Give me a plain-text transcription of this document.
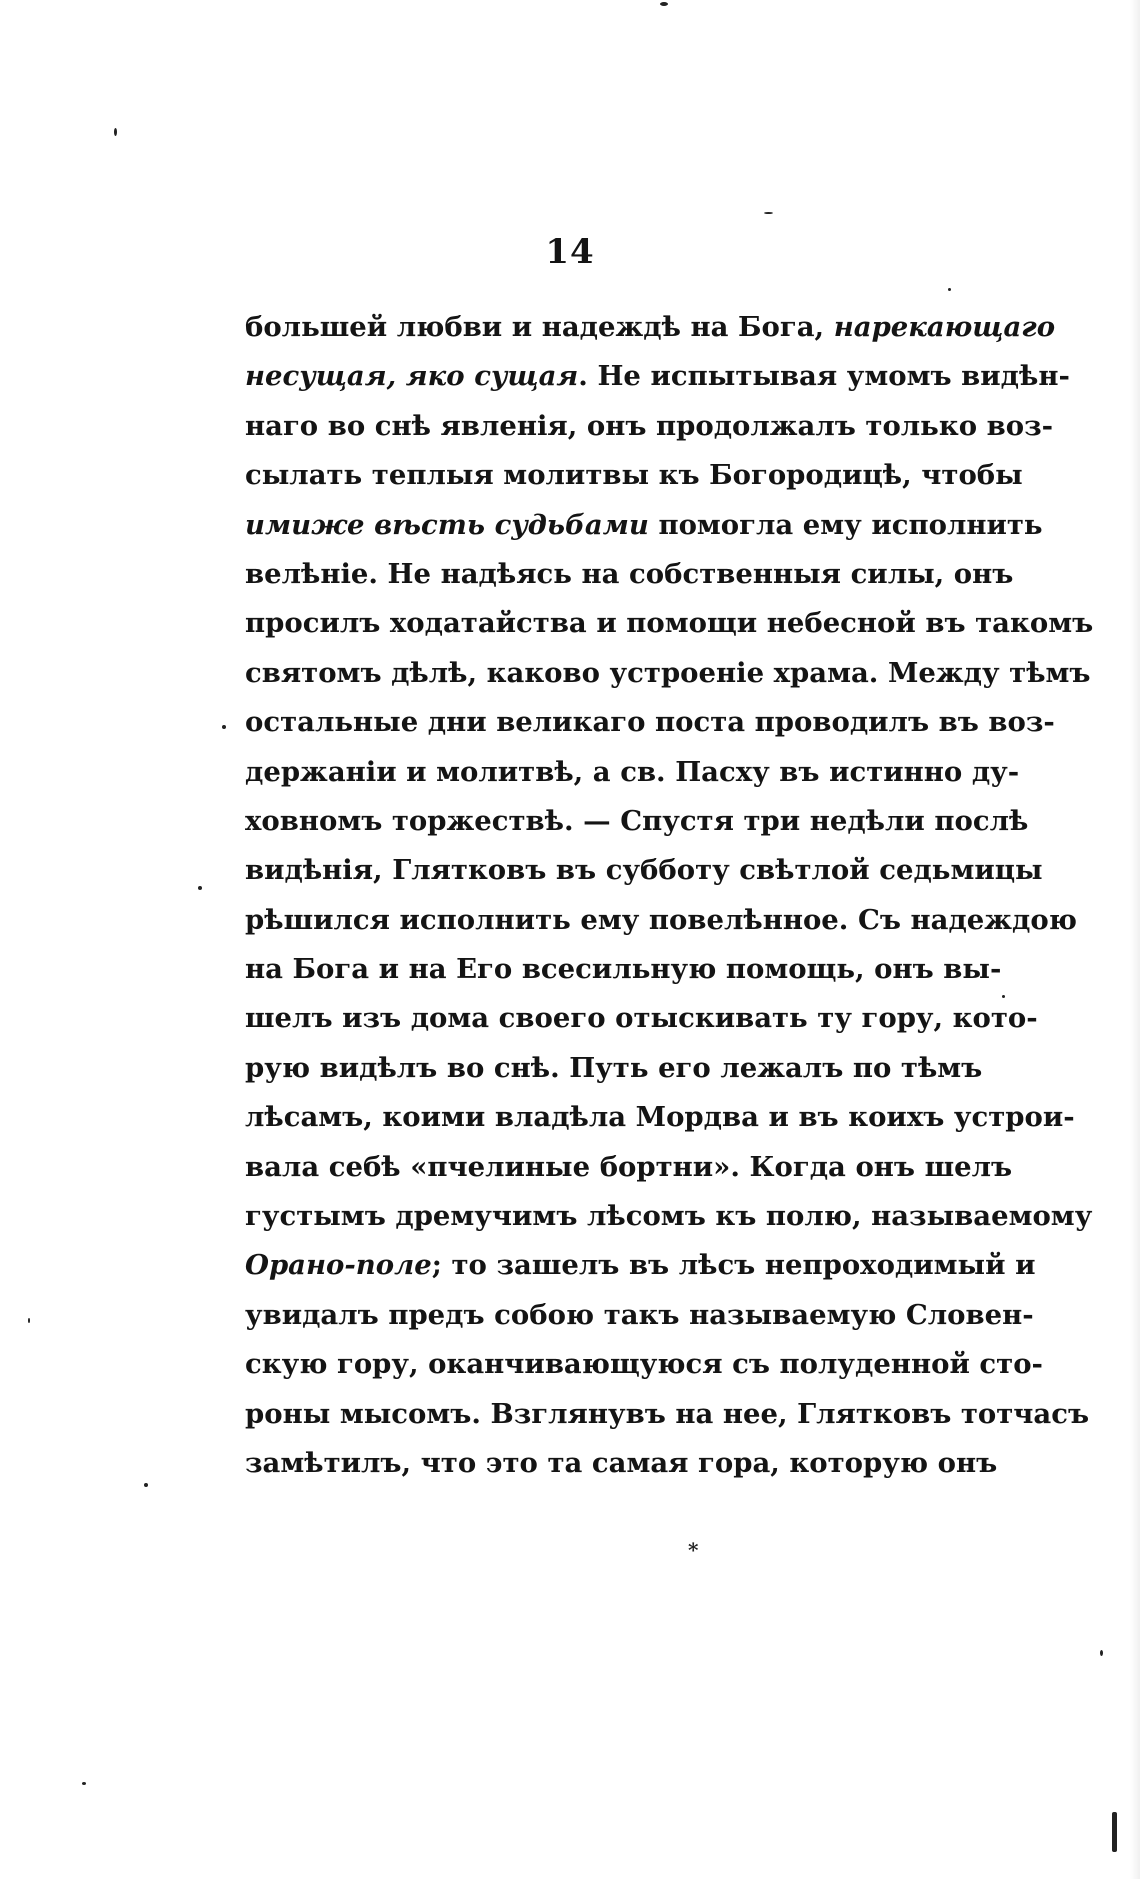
14
большей любви и надеждѣ на Бога, нарекающаго
несущая, яко сущая. Не испытывая умомъ видѣн-
наго во снѣ явленія, онъ продолжалъ только воз-
сылать теплыя молитвы къ Богородицѣ, чтобы
имиже вѣсть судьбами помогла ему исполнить
велѣніе. Не надѣясь на собственныя силы, онъ
просилъ ходатайства и помощи небесной въ такомъ
святомъ дѣлѣ, каково устроеніе храма. Между тѣмъ
остальные дни великаго поста проводилъ въ воз-
держаніи и молитвѣ, а св. Пасху въ истинно ду-
ховномъ торжествѣ. — Спустя три недѣли послѣ
видѣнія, Глятковъ въ субботу свѣтлой седьмицы
рѣшился исполнить ему повелѣнное. Съ надеждою
на Бога и на Его всесильную помощь, онъ вы-
шелъ изъ дома своего отыскивать ту гору, кото-
рую видѣлъ во снѣ. Путь его лежалъ по тѣмъ
лѣсамъ, коими владѣла Мордва и въ коихъ устрои-
вала себѣ «пчелиные бортни». Когда онъ шелъ
густымъ дремучимъ лѣсомъ къ полю, называемому
Орано-поле; то зашелъ въ лѣсъ непроходимый и
увидалъ предъ собою такъ называемую Словен-
скую гору, оканчивающуюся съ полуденной сто-
роны мысомъ. Взглянувъ на нее, Глятковъ тотчасъ
замѣтилъ, что это та самая гора, которую онъ
*
